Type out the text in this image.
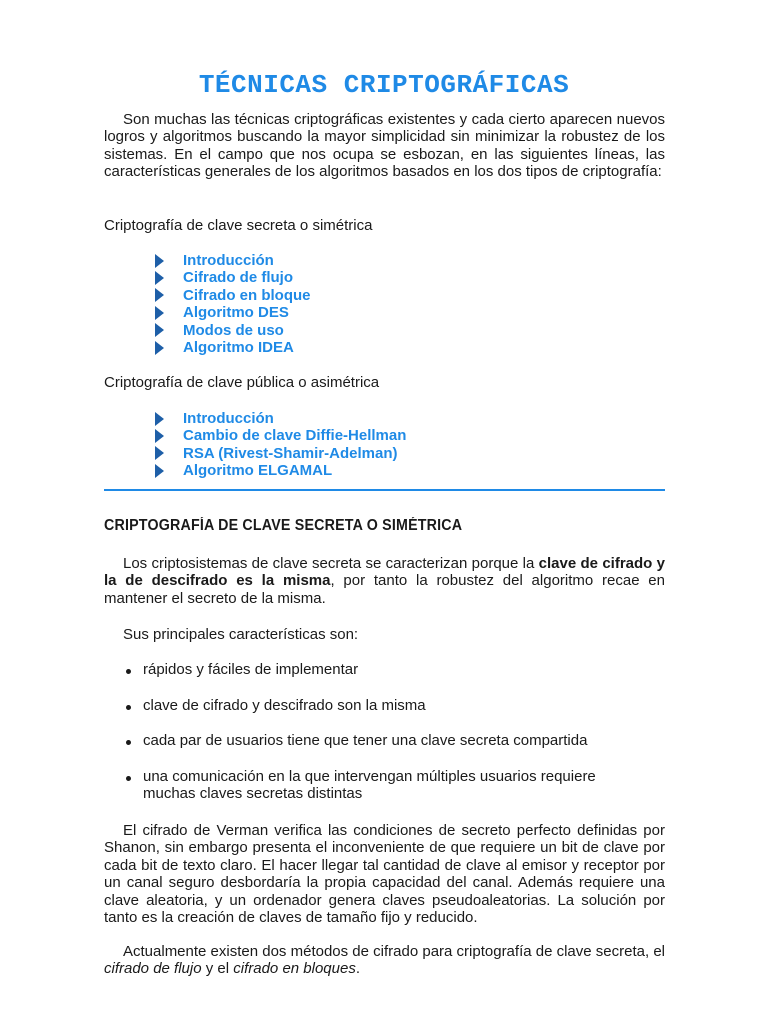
TÉCNICAS CRIPTOGRÁFICAS

Son muchas las técnicas criptográficas existentes y cada cierto aparecen nuevos logros y algoritmos buscando la mayor simplicidad sin minimizar la robustez de los sistemas. En el campo que nos ocupa se esbozan, en las siguientes líneas, las características generales de los algoritmos basados en los dos tipos de criptografía:

Criptografía de clave secreta o simétrica

Introducción
Cifrado de flujo
Cifrado en bloque
Algoritmo DES
Modos de uso
Algoritmo IDEA

Criptografía de clave pública o asimétrica

Introducción
Cambio de clave Diffie-Hellman
RSA (Rivest-Shamir-Adelman)
Algoritmo ELGAMAL
CRIPTOGRAFÍA DE CLAVE SECRETA O SIMÉTRICA

Los criptosistemas de clave secreta se caracterizan porque la clave de cifrado y la de descifrado es la misma, por tanto la robustez del algoritmo recae en mantener el secreto de la misma.

Sus principales características son:

rápidos y fáciles de implementar
clave de cifrado y descifrado son la misma
cada par de usuarios tiene que tener una clave secreta compartida
una comunicación en la que intervengan múltiples usuarios requiere muchas claves secretas distintas

El cifrado de Verman verifica las condiciones de secreto perfecto definidas por Shanon, sin embargo presenta el inconveniente de que requiere un bit de clave por cada bit de texto claro. El hacer llegar tal cantidad de clave al emisor y receptor por un canal seguro desbordaría la propia capacidad del canal. Además requiere una clave aleatoria, y un ordenador genera claves pseudoaleatorias. La solución por tanto es la creación de claves de tamaño fijo y reducido.

Actualmente existen dos métodos de cifrado para criptografía de clave secreta, el cifrado de flujo y el cifrado en bloques.
